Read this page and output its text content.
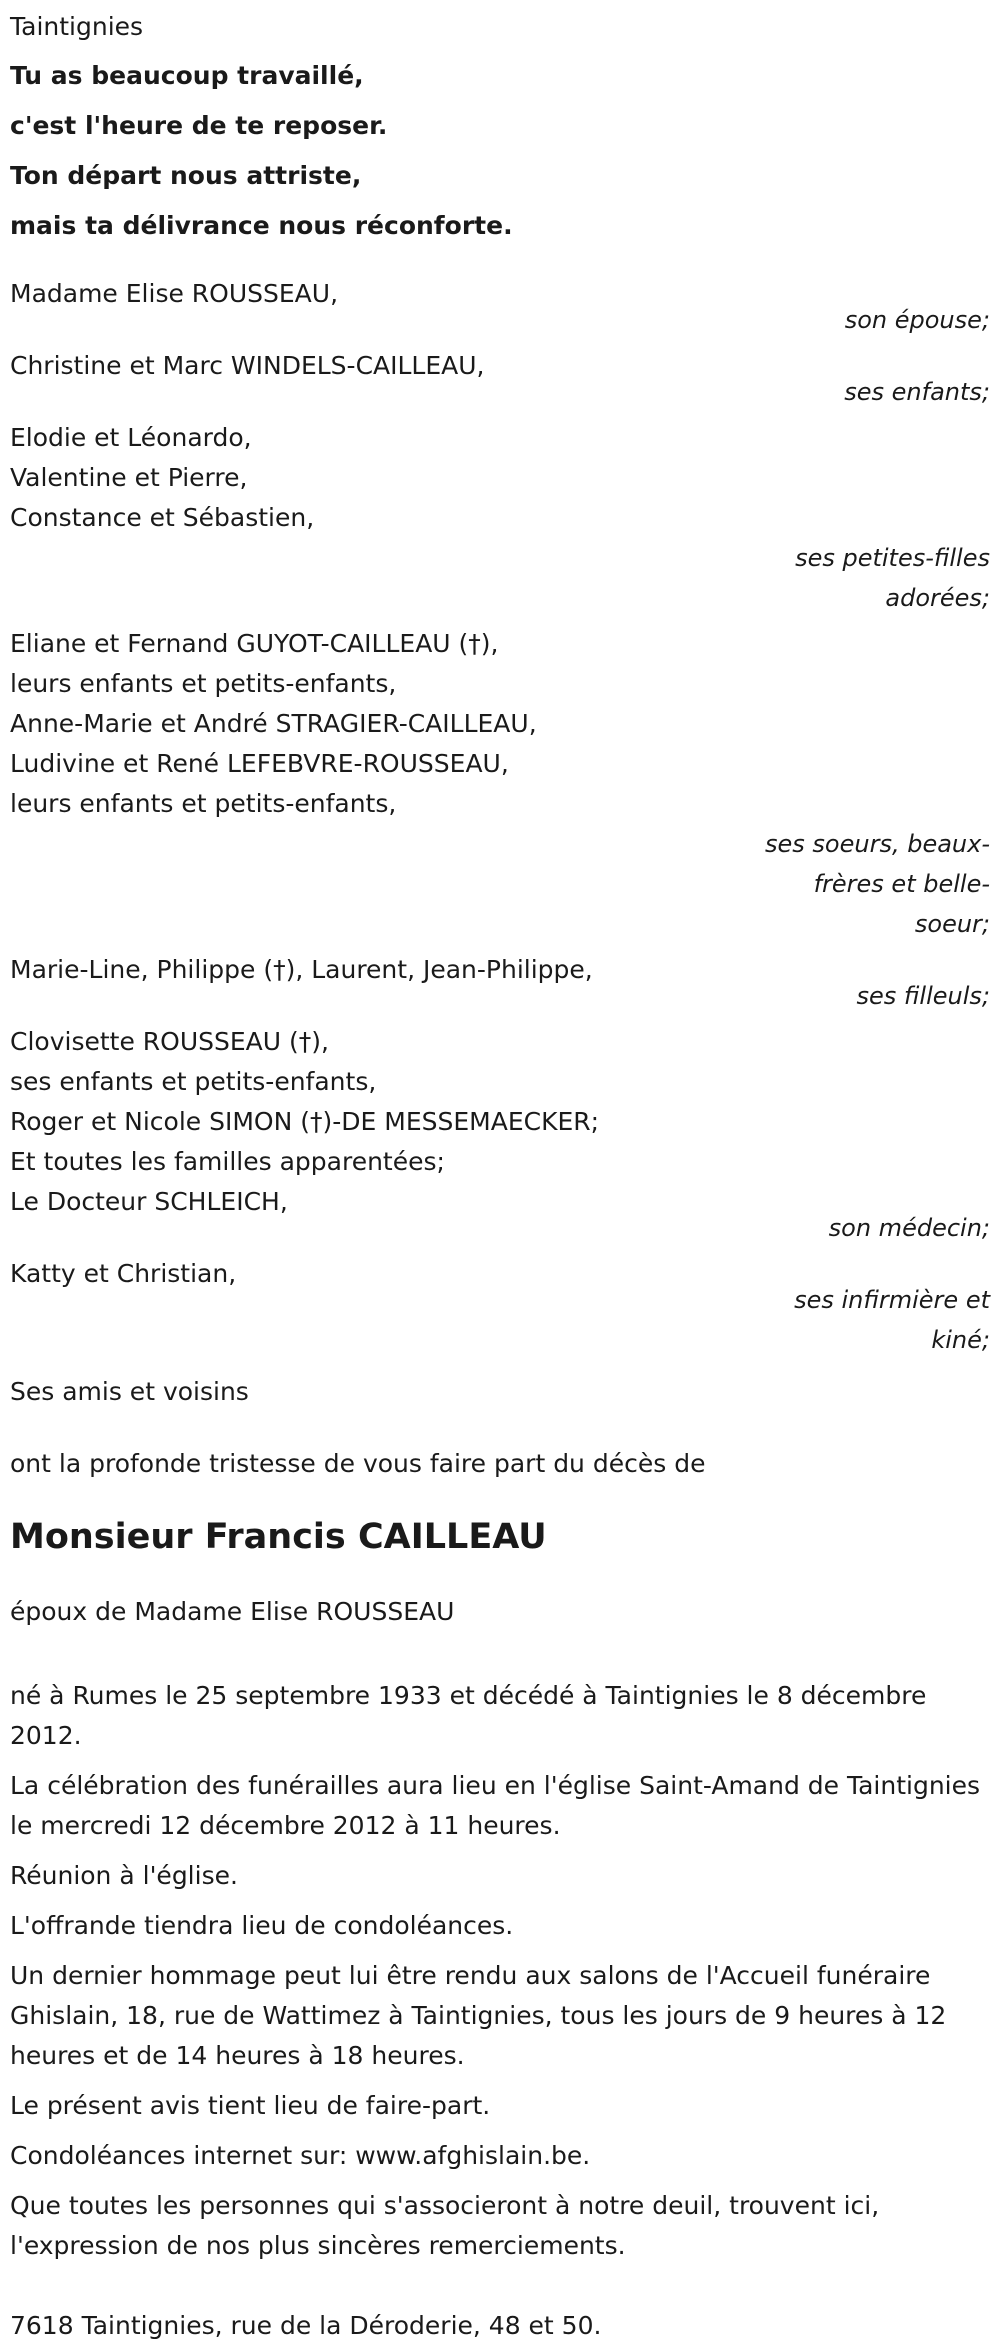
Taintignies

Tu as beaucoup travaillé,

c'est l'heure de te reposer.

Ton départ nous attriste,

mais ta délivrance nous réconforte.

Madame Elise ROUSSEAU,

son épouse;

Christine et Marc WINDELS-CAILLEAU,

ses enfants;

Elodie et Léonardo,

Valentine et Pierre,

Constance et Sébastien,

ses petites-filles adorées;

Eliane et Fernand GUYOT-CAILLEAU (†),

leurs enfants et petits-enfants,

Anne-Marie et André STRAGIER-CAILLEAU,

Ludivine et René LEFEBVRE-ROUSSEAU,

leurs enfants et petits-enfants,

ses soeurs, beaux-frères et belle-soeur;

Marie-Line, Philippe (†), Laurent, Jean-Philippe,

ses filleuls;

Clovisette ROUSSEAU (†),

ses enfants et petits-enfants,

Roger et Nicole SIMON (†)-DE MESSEMAECKER;

Et toutes les familles apparentées;

Le Docteur SCHLEICH,

son médecin;

Katty et Christian,

ses infirmière et kiné;

Ses amis et voisins

ont la profonde tristesse de vous faire part du décès de

Monsieur Francis CAILLEAU

époux de Madame Elise ROUSSEAU

né à Rumes le 25 septembre 1933 et décédé à Taintignies le 8 décembre 2012.

La célébration des funérailles aura lieu en l'église Saint-Amand de Taintignies le mercredi 12 décembre 2012 à 11 heures.

Réunion à l'église.

L'offrande tiendra lieu de condoléances.

Un dernier hommage peut lui être rendu aux salons de l'Accueil funéraire Ghislain, 18, rue de Wattimez à Taintignies, tous les jours de 9 heures à 12 heures et de 14 heures à 18 heures.

Le présent avis tient lieu de faire-part.

Condoléances internet sur: www.afghislain.be.

Que toutes les personnes qui s'associeront à notre deuil, trouvent ici, l'expression de nos plus sincères remerciements.

7618 Taintignies, rue de la Déroderie, 48 et 50.
